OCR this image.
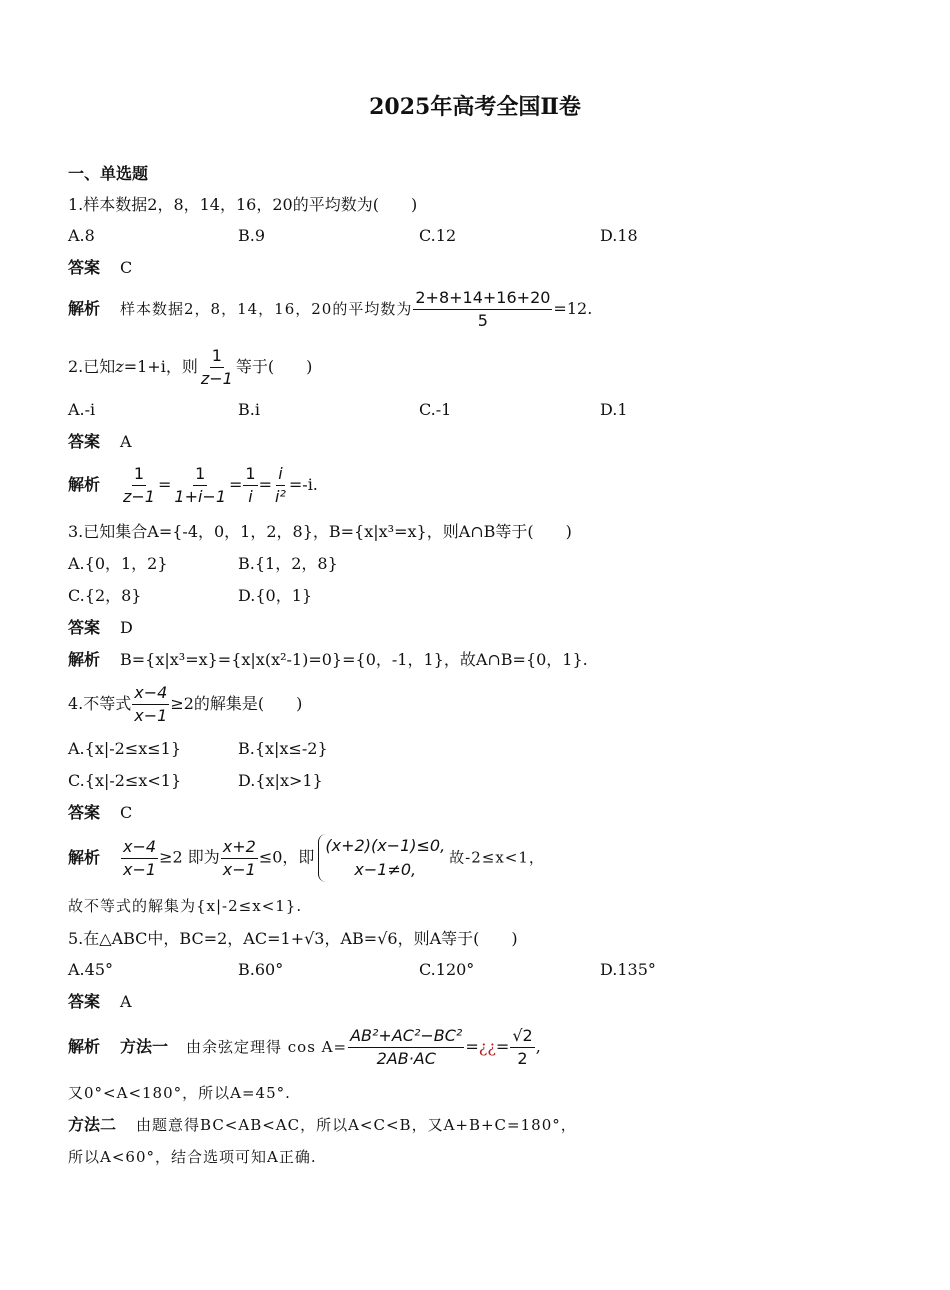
2025年高考全国Ⅱ卷
一、单选题
1.样本数据2，8，14，16，20的平均数为(　　)
A.8	B.9	C.12	D.18
答案 C
解析 样本数据2，8，14，16，20的平均数为 $\frac{2+8+14+16+20}{5} =12$.
2.已知z=1+i，则 $\frac{1}{z-1}$ 等于(　　)
A.-i	B.i	C.-1	D.1
答案 A
解析 $\frac{1}{z-1} = \frac{1}{1+i-1} = \frac{1}{i} = \frac{i}{\text{i²}} =-i$.
3.已知集合A={-4，0，1，2，8}，B={x|x³=x}，则A∩B等于(　　)
A.{0，1，2}	B.{1，2，8}
C.{2，8}	D.{0，1}
答案 D
解析 B={x|x³=x}={x|x(x²-1)=0}={0，-1，1}，故A∩B={0，1}.
4.不等式 $\frac{x-4}{x-1} \ge 2$的解集是(　　)
A.{x|-2≤x≤1}	B.{x|x≤-2}
C.{x|-2≤x<1}	D.{x|x>1}
答案 C
解析 $\frac{x-4}{x-1} \ge 2$ 即为 $\frac{x+2}{x-1} \le 0$，即
(x+2)(x−1)≤0,
x−1≠0,
故-2≤x<1，
故不等式的解集为{x|-2≤x<1}.
5.在△ABC中，BC=2，AC=1+√3，AB=√6，则A等于(　　)
A.45°	B.60°	C.120°	D.135°
答案 A
解析 方法一 由余弦定理得 $\cos A= \frac{\text{AB²+AC²−BC²}}{2AB\cdot AC}$ =¿¿= $\frac{√2}{2}$ ,
又0°<A<180°，所以A=45°.
方法二 由题意得BC<AB<AC，所以A<C<B，又A+B+C=180°，
所以A<60°，结合选项可知A正确.
